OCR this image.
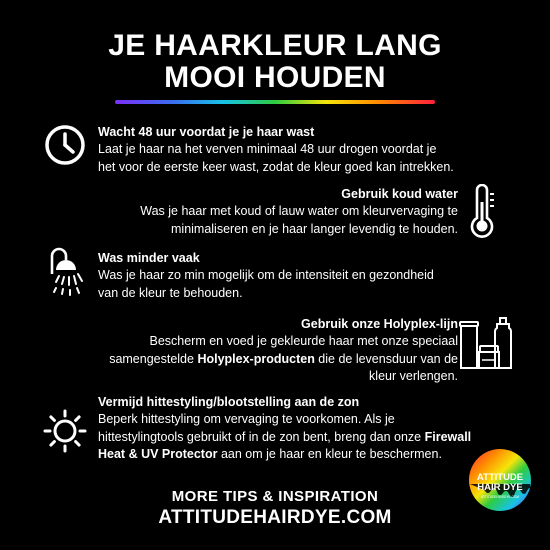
JE HAARKLEUR LANG
MOOI HOUDEN
Wacht 48 uur voordat je je haar wast

Laat je haar na het verven minimaal 48 uur drogen voordat je

het voor de eerste keer wast, zodat de kleur goed kan intrekken.

Gebruik koud water

Was je haar met koud of lauw water om kleurvervaging te

minimaliseren en je haar langer levendig te houden.

Was minder vaak

Was je haar zo min mogelijk om de intensiteit en gezondheid

van de kleur te behouden.

Gebruik onze Holyplex-lijn

Bescherm en voed je gekleurde haar met onze speciaal

samengestelde Holyplex-producten die de levensduur van de

kleur verlengen.

Vermijd hittestyling/blootstelling aan de zon

Beperk hittestyling om vervaging te voorkomen. Als je

hittestylingtools gebruikt of in de zon bent, breng dan onze Firewall

Heat & UV Protector aan om je haar en kleur te beschermen.

MORE TIPS & INSPIRATION
ATTITUDEHAIRDYE.COM
ATTITUDE
HAIR DYE
ATTITUDEHAIRDYE.COM
